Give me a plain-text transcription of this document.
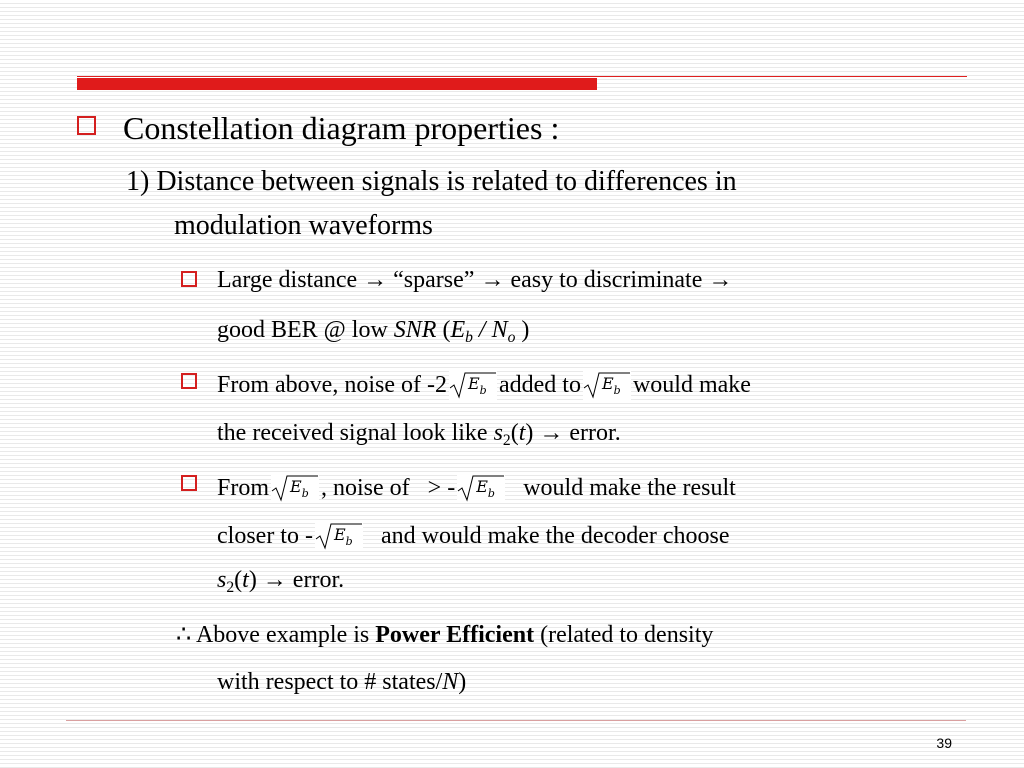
Constellation diagram properties :
1) Distance between signals is related to differences in
modulation waveforms
Large distance → “sparse” → easy to discriminate →
good BER @ low SNR ($E_b / N_o$ )
From above, noise of -2 $E_b$ added to $E_b$ would make
the received signal look like $s_2(t)$ → error.
From $E_b$ , noise of > - $E_b$ would make the result
closer to - $E_b$ and would make the decoder choose
$s_2(t)$ → error.
∴ Above example is Power Efficient (related to density
with respect to # states/N)
39
